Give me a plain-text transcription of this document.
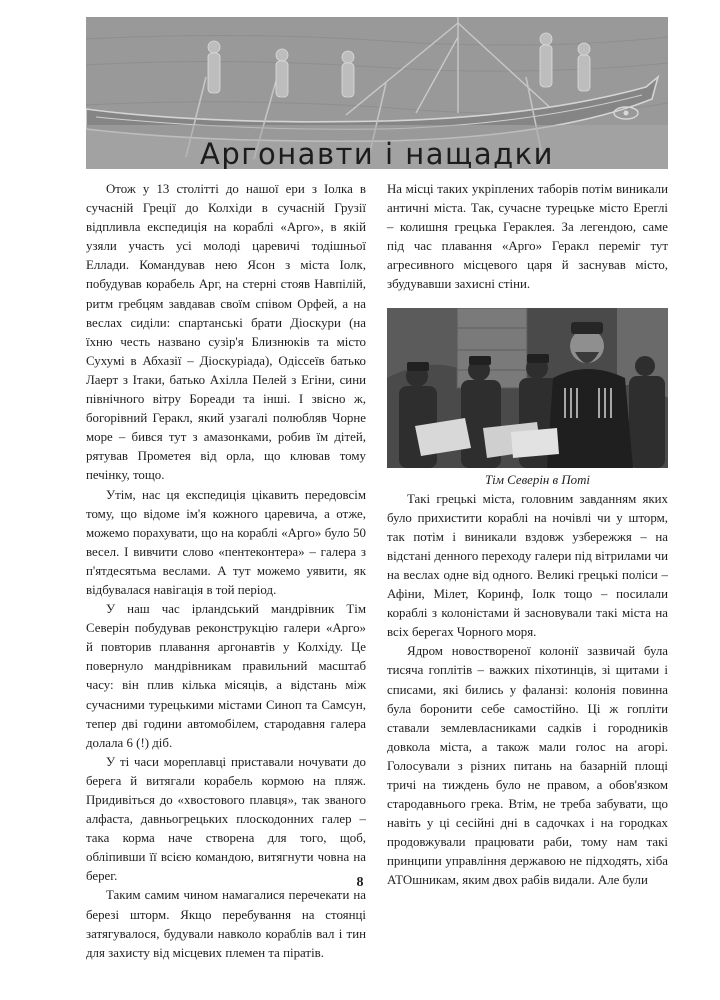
Аргонавти і нащадки

Отож у 13 столітті до нашої ери з Іолка в сучасній Греції до Колхіди в сучасній Грузії відпливла експедиція на кораблі «Арго», в якій узяли участь усі молоді царевичі тодішньої Еллади. Командував нею Ясон з міста Іолк, побудував корабель Арг, на стерні стояв Навпілій, ритм гребцям завдавав своїм співом Орфей, а на веслах сиділи: спартанські брати Діоскури (на їхню честь названо сузір'я Близнюків та місто Сухумі в Абхазії – Діоскуріада), Одіссеїв батько Лаерт з Ітаки, батько Ахілла Пелей з Егіни, сини північного вітру Бореади та інші. І звісно ж, богорівний Геракл, який узагалі полюбляв Чорне море – бився тут з амазонками, робив їм дітей, рятував Прометея від орла, що клював тому печінку, тощо.

Утім, нас ця експедиція цікавить передовсім тому, що відоме ім'я кожного царевича, а отже, можемо порахувати, що на кораблі «Арго» було 50 весел. І вивчити слово «пентеконтера» – галера з п'ятдесятьма веслами. А тут можемо уявити, як відбувалася навігація в той період.

У наш час ірландський мандрівник Тім Северін побудував реконструкцію галери «Арго» й повторив плавання аргонавтів у Колхіду. Це повернуло мандрівникам правильний масштаб часу: він плив кілька місяців, а відстань між сучасними турецькими містами Синоп та Самсун, тепер дві години автомобілем, стародавня галера долала 6 (!) діб.

У ті часи мореплавці приставали ночувати до берега й витягали корабель кормою на пляж. Придивіться до «хвостового плавця», так званого алфаста, давньогрецьких плоскодонних галер – така корма наче створена для того, щоб, обліпивши її всією командою, витягнути човна на берег.

Таким самим чином намагалися перечекати на березі шторм. Якщо перебування на стоянці затягувалося, будували навколо кораблів вал і тин для захисту від місцевих племен та піратів.

На місці таких укріплених таборів потім виникали античні міста. Так, сучасне турецьке місто Ереглі – колишня грецька Гераклея. За легендою, саме під час плавання «Арго» Геракл переміг тут агресивного місцевого царя й заснував місто, збудувавши захисні стіни.

Тім Северін в Поті

Такі грецькі міста, головним завданням яких було прихистити кораблі на ночівлі чи у шторм, так потім і виникали вздовж узбережжя – на відстані денного переходу галери під вітрилами чи на веслах одне від одного. Великі грецькі поліси – Афіни, Мілет, Коринф, Іолк тощо – посилали кораблі з колоністами й засновували такі міста на всіх берегах Чорного моря.

Ядром новоствореної колонії зазвичай була тисяча гоплітів – важких піхотинців, зі щитами і списами, які бились у фаланзі: колонія повинна була боронити себе самостійно. Ці ж гопліти ставали землевласниками садків і городників довкола міста, а також мали голос на агорі. Голосували з різних питань на базарній площі тричі на тиждень було не правом, а обов'язком стародавнього грека. Втім, не треба забувати, що навіть у ці сесійні дні в садочках і на городках продовжували працювати раби, тому нам такі принципи управління державою не підходять, хіба АТОшникам, яким двох рабів видали. Але були

8
